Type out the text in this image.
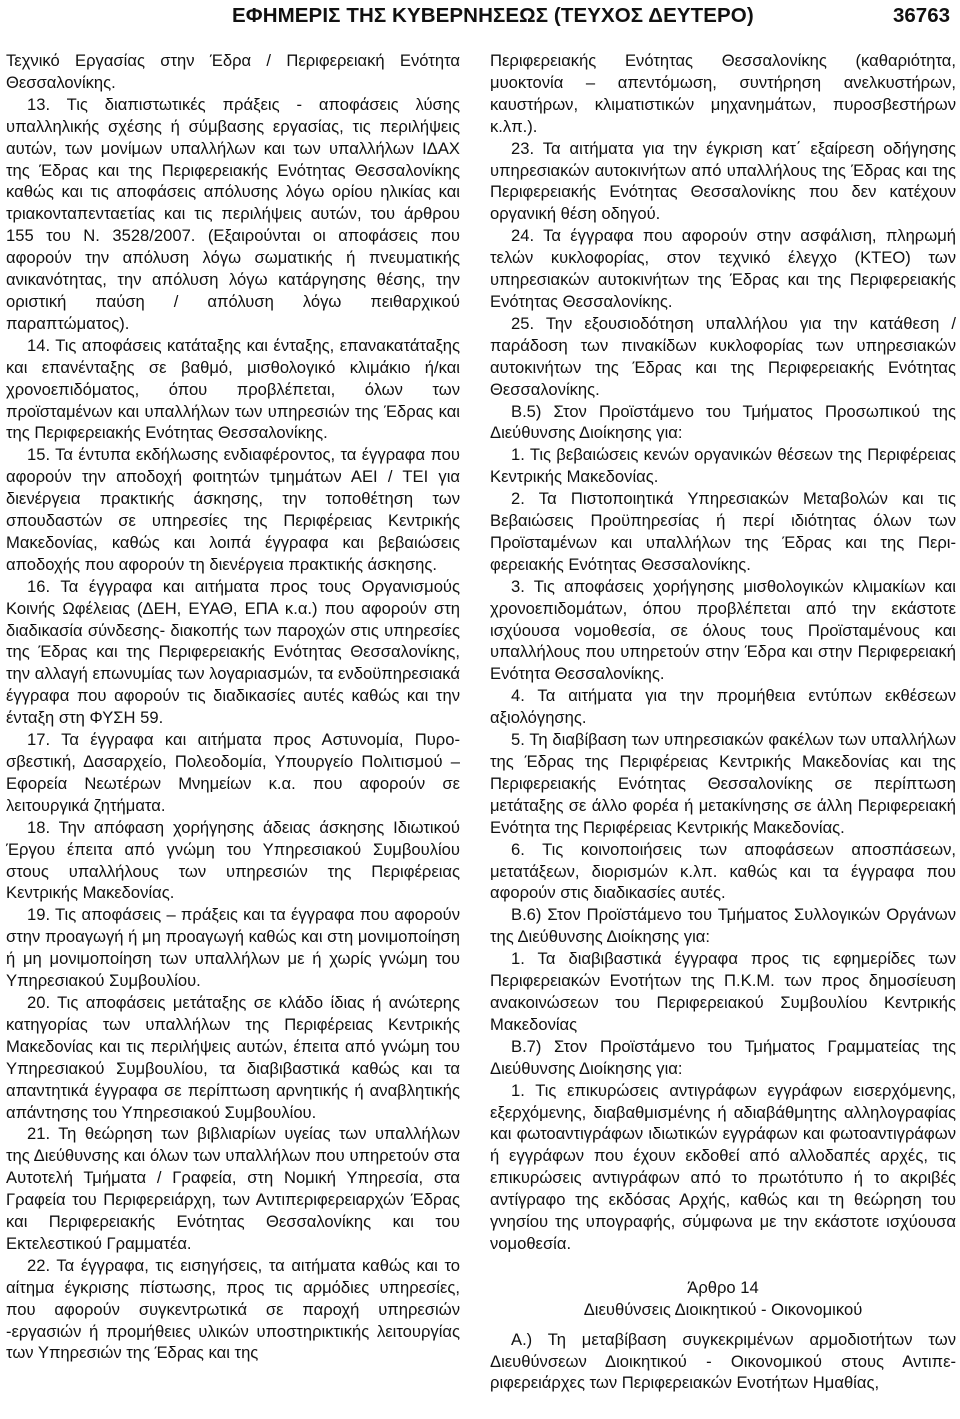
ΕΦΗΜΕΡΙΣ ΤΗΣ ΚΥΒΕΡΝΗΣΕΩΣ (ΤΕΥΧΟΣ ΔΕΥΤΕΡΟ)	36763

Τεχνικό Εργασίας στην Έδρα / Περιφερειακή Ενότητα Θεσσαλονίκης.

13. Τις διαπιστωτικές πράξεις ‑ αποφάσεις λύσης υπαλληλικής σχέσης ή σύμβασης εργασίας, τις περιλήψεις αυτών, των μονίμων υπαλλήλων και των υπαλλήλων ΙΔΑΧ της Έδρας και της Περιφερειακής Ενότητας Θεσσαλονίκης καθώς και τις αποφάσεις απόλυσης λόγω ορίου ηλικίας και τριακονταπενταετίας και τις περιλήψεις αυτών, του άρθρου 155 του Ν. 3528/2007. (Εξαιρούνται οι αποφάσεις που αφορούν την απόλυση λόγω σωματικής ή πνευματικής ανικανότητας, την απόλυση λόγω κατάργησης θέσης, την οριστική παύση / απόλυση λόγω πειθαρχικού παραπτώματος).

14. Τις αποφάσεις κατάταξης και ένταξης, επανακατάταξης και επανένταξης σε βαθμό, μισθολογικό κλιμάκιο ή/και χρονοεπιδόματος, όπου προβλέπεται, όλων των προϊσταμένων και υπαλλήλων των υπηρεσιών της Έδρας και της Περιφερειακής Ενότητας Θεσσαλονίκης.

15. Τα έντυπα εκδήλωσης ενδιαφέροντος, τα έγγραφα που αφορούν την αποδοχή φοιτητών τμημάτων ΑΕΙ / ΤΕΙ για διενέργεια πρακτικής άσκησης, την τοποθέτηση των σπουδαστών σε υπηρεσίες της Περιφέρειας Κεντρικής Μακεδονίας, καθώς και λοιπά έγγραφα και βεβαιώσεις αποδοχής που αφορούν τη διενέργεια πρακτικής άσκησης.

16. Τα έγγραφα και αιτήματα προς τους Οργανισμούς Κοινής Ωφέλειας (ΔΕΗ, ΕΥΑΘ, ΕΠΑ κ.α.) που αφορούν στη διαδικασία σύνδεσης‑ διακοπής των παροχών στις υπηρεσίες της Έδρας και της Περιφερειακής Ενότητας Θεσσαλονίκης, την αλλαγή επωνυμίας των λογαριασμών, τα ενδοϋπηρεσιακά έγγραφα που αφορούν τις διαδικασίες αυτές καθώς και την ένταξη στη ΦΥΣΗ 59.

17. Τα έγγραφα και αιτήματα προς Αστυνομία, Πυροσβεστική, Δασαρχείο, Πολεοδομία, Υπουργείο Πολιτισμού – Εφορεία Νεωτέρων Μνημείων κ.α. που αφορούν σε λειτουργικά ζητήματα.

18. Την απόφαση χορήγησης άδειας άσκησης Ιδιωτικού Έργου έπειτα από γνώμη του Υπηρεσιακού Συμβουλίου στους υπαλλήλους των υπηρεσιών της Περιφέρειας Κεντρικής Μακεδονίας.

19. Τις αποφάσεις – πράξεις και τα έγγραφα που αφορούν στην προαγωγή ή μη προαγωγή καθώς και στη μονιμοποίηση ή μη μονιμοποίηση των υπαλλήλων με ή χωρίς γνώμη του Υπηρεσιακού Συμβουλίου.

20. Τις αποφάσεις μετάταξης σε κλάδο ίδιας ή ανώτερης κατηγορίας των υπαλλήλων της Περιφέρειας Κεντρικής Μακεδονίας και τις περιλήψεις αυτών, έπειτα από γνώμη του Υπηρεσιακού Συμβουλίου, τα διαβιβαστικά καθώς και τα απαντητικά έγγραφα σε περίπτωση αρνητικής ή αναβλητικής απάντησης του Υπηρεσιακού Συμβουλίου.

21. Τη θεώρηση των βιβλιαρίων υγείας των υπαλλήλων της Διεύθυνσης και όλων των υπαλλήλων που υπηρετούν στα Αυτοτελή Τμήματα / Γραφεία, στη Νομική Υπηρεσία, στα Γραφεία του Περιφερειάρχη, των Αντιπεριφερειαρχών Έδρας και Περιφερειακής Ενότητας Θεσσαλονίκης και του Εκτελεστικού Γραμματέα.

22. Τα έγγραφα, τις εισηγήσεις, τα αιτήματα καθώς και το αίτημα έγκρισης πίστωσης, προς τις αρμόδιες υπηρεσίες, που αφορούν συγκεντρωτικά σε παροχή υπηρεσιών ‑εργασιών ή προμήθειες υλικών υποστηρικτικής λειτουργίας των Υπηρεσιών της Έδρας και της

Περιφερειακής Ενότητας Θεσσαλονίκης (καθαριότητα, μυοκτονία – απεντόμωση, συντήρηση ανελκυστήρων, καυστήρων, κλιματιστικών μηχανημάτων, πυροσβεστήρων κ.λπ.).

23. Τα αιτήματα για την έγκριση κατ΄ εξαίρεση οδήγησης υπηρεσιακών αυτοκινήτων από υπαλλήλους της Έδρας και της Περιφερειακής Ενότητας Θεσσαλονίκης που δεν κατέχουν οργανική θέση οδηγού.

24. Τα έγγραφα που αφορούν στην ασφάλιση, πληρωμή τελών κυκλοφορίας, στον τεχνικό έλεγχο (ΚΤΕΟ) των υπηρεσιακών αυτοκινήτων της Έδρας και της Περιφερειακής Ενότητας Θεσσαλονίκης.

25. Την εξουσιοδότηση υπαλλήλου για την κατάθεση / παράδοση των πινακίδων κυκλοφορίας των υπηρεσιακών αυτοκινήτων της Έδρας και της Περιφερειακής Ενότητας Θεσσαλονίκης.

Β.5) Στον Προϊστάμενο του Τμήματος Προσωπικού της Διεύθυνσης Διοίκησης για:

1. Τις βεβαιώσεις κενών οργανικών θέσεων της Περιφέρειας Κεντρικής Μακεδονίας.

2. Τα Πιστοποιητικά Υπηρεσιακών Μεταβολών και τις Βεβαιώσεις Προϋπηρεσίας ή περί ιδιότητας όλων των Προϊσταμένων και υπαλλήλων της Έδρας και της Περιφερειακής Ενότητας Θεσσαλονίκης.

3. Τις αποφάσεις χορήγησης μισθολογικών κλιμακίων και χρονοεπιδομάτων, όπου προβλέπεται από την εκάστοτε ισχύουσα νομοθεσία, σε όλους τους Προϊσταμένους και υπαλλήλους που υπηρετούν στην Έδρα και στην Περιφερειακή Ενότητα Θεσσαλονίκης.

4. Τα αιτήματα για την προμήθεια εντύπων εκθέσεων αξιολόγησης.

5. Τη διαβίβαση των υπηρεσιακών φακέλων των υπαλλήλων της Έδρας της Περιφέρειας Κεντρικής Μακεδονίας και της Περιφερειακής Ενότητας Θεσσαλονίκης σε περίπτωση μετάταξης σε άλλο φορέα ή μετακίνησης σε άλλη Περιφερειακή Ενότητα της Περιφέρειας Κεντρικής Μακεδονίας.

6. Τις κοινοποιήσεις των αποφάσεων αποσπάσεων, μετατάξεων, διορισμών κ.λπ. καθώς και τα έγγραφα που αφορούν στις διαδικασίες αυτές.

Β.6) Στον Προϊστάμενο του Τμήματος Συλλογικών Οργάνων της Διεύθυνσης Διοίκησης για:

1. Τα διαβιβαστικά έγγραφα προς τις εφημερίδες των Περιφερειακών Ενοτήτων της Π.Κ.Μ. των προς δημοσίευση ανακοινώσεων του Περιφερειακού Συμβουλίου Κεντρικής Μακεδονίας

Β.7) Στον Προϊστάμενο του Τμήματος Γραμματείας της Διεύθυνσης Διοίκησης για:

1. Τις επικυρώσεις αντιγράφων εγγράφων εισερχόμενης, εξερχόμενης, διαβαθμισμένης ή αδιαβάθμητης αλληλογραφίας και φωτοαντιγράφων ιδιωτικών εγγράφων και φωτοαντιγράφων ή εγγράφων που έχουν εκδοθεί από αλλοδαπές αρχές, τις επικυρώσεις αντιγράφων από το πρωτότυπο ή το ακριβές αντίγραφο της εκδόσας Αρχής, καθώς και τη θεώρηση του γνησίου της υπογραφής, σύμφωνα με την εκάστοτε ισχύουσα νομοθεσία.

Άρθρο 14

Διευθύνσεις Διοικητικού ‑ Οικονομικού

Α.) Τη μεταβίβαση συγκεκριμένων αρμοδιοτήτων των Διευθύνσεων Διοικητικού ‑ Οικονομικού στους Αντιπεριφερειάρχες των Περιφερειακών Ενοτήτων Ημαθίας,
